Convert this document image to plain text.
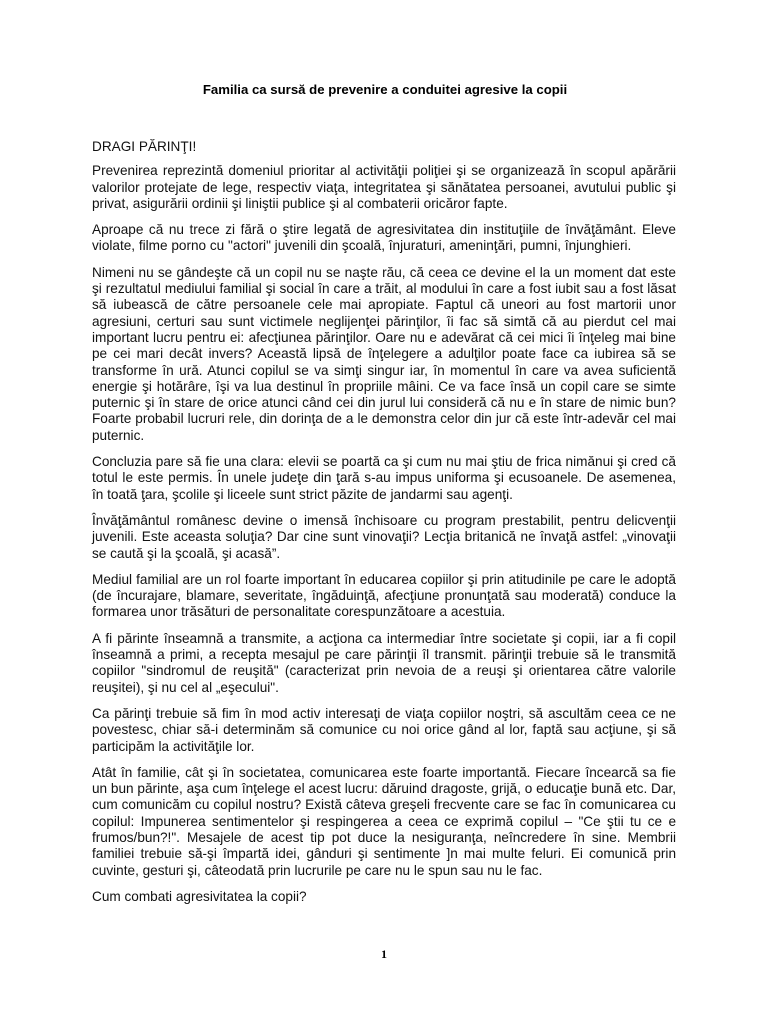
Familia ca sursă de prevenire a conduitei agresive la copii

DRAGI PĂRINŢI!

Prevenirea reprezintă domeniul prioritar al activităţii poliţiei şi se organizează în scopul apărării valorilor protejate de lege, respectiv viaţa, integritatea şi sănătatea persoanei, avutului public şi privat, asigurării ordinii şi liniştii publice şi al combaterii oricăror fapte.

Aproape că nu trece zi fără o ştire legată de agresivitatea din instituţiile de învăţământ. Eleve violate, filme porno cu "actori" juvenili din şcoală, înjuraturi, ameninţări, pumni, înjunghieri.

Nimeni nu se gândeşte că un copil nu se naşte rău, că ceea ce devine el la un moment dat este şi rezultatul mediului familial şi social în care a trăit, al modului în care a fost iubit sau a fost lăsat să iubească de către persoanele cele mai apropiate. Faptul că uneori au fost martorii unor agresiuni, certuri sau sunt victimele neglijenţei părinţilor, îi fac să simtă că au pierdut cel mai important lucru pentru ei: afecţiunea părinţilor. Oare nu e adevărat că cei mici îi înţeleg mai bine pe cei mari decât invers? Această lipsă de înţelegere a adulţilor poate face ca iubirea să se transforme în ură. Atunci copilul se va simţi singur iar, în momentul în care va avea suficientă energie şi hotărâre, îşi va lua destinul în propriile mâini. Ce va face însă un copil care se simte puternic şi în stare de orice atunci când cei din jurul lui consideră că nu e în stare de nimic bun? Foarte probabil lucruri rele, din dorinţa de a le demonstra celor din jur că este într-adevăr cel mai puternic.

Concluzia pare să fie una clara: elevii se poartă ca şi cum nu mai ştiu de frica nimănui şi cred că totul le este permis. În unele judeţe din ţară s-au impus uniforma şi ecusoanele. De asemenea, în toată ţara, şcolile şi liceele sunt strict păzite de jandarmi sau agenţi.

Învăţământul românesc devine o imensă închisoare cu program prestabilit, pentru delicvenţii juvenili. Este aceasta soluţia? Dar cine sunt vinovaţii? Lecţia britanică ne învaţă astfel: „vinovaţii se caută şi la şcoală, şi acasă”.

Mediul familial are un rol foarte important în educarea copiilor şi prin atitudinile pe care le adoptă (de încurajare, blamare, severitate, îngăduinţă, afecţiune pronunţată sau moderată) conduce la formarea unor trăsături de personalitate corespunzătoare a acestuia.

A fi părinte înseamnă a transmite, a acţiona ca intermediar între societate şi copii, iar a fi copil înseamnă a primi, a recepta mesajul pe care părinţii îl transmit. părinţii trebuie să le transmită copiilor "sindromul de reuşită" (caracterizat prin nevoia de a reuşi şi orientarea către valorile reuşitei), şi nu cel al „eşecului".

Ca părinţi trebuie să fim în mod activ interesaţi de viaţa copiilor noştri, să ascultăm ceea ce ne povestesc, chiar să-i determinăm să comunice cu noi orice gând al lor, faptă sau acţiune, şi să participăm la activităţile lor.

Atât în familie, cât şi în societatea, comunicarea este foarte importantă. Fiecare încearcă sa fie un bun părinte, aşa cum înţelege el acest lucru: dăruind dragoste, grijă, o educaţie bună etc. Dar, cum comunicăm cu copilul nostru? Există câteva greşeli frecvente care se fac în comunicarea cu copilul: Impunerea sentimentelor şi respingerea a ceea ce exprimă copilul – "Ce ştii tu ce e frumos/bun?!". Mesajele de acest tip pot duce la nesiguranţa, neîncredere în sine. Membrii familiei trebuie să-şi împartă idei, gânduri şi sentimente ]n mai multe feluri. Ei comunică prin cuvinte, gesturi şi, câteodată prin lucrurile pe care nu le spun sau nu le fac.

Cum combati agresivitatea la copii?

1
